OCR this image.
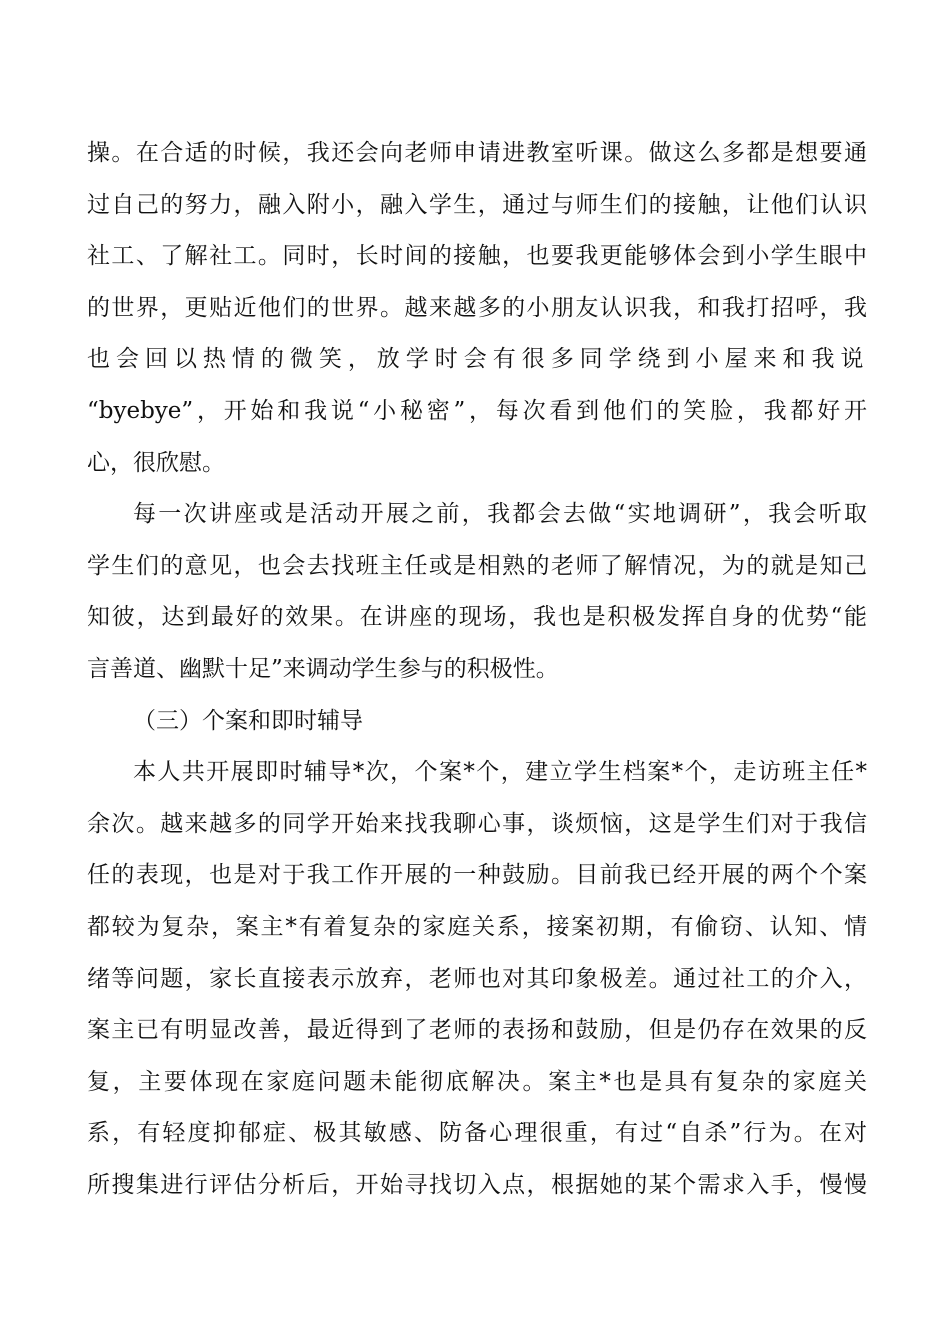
操。在合适的时候，我还会向老师申请进教室听课。做这么多都是想要通
过自己的努力，融入附小，融入学生，通过与师生们的接触，让他们认识
社工、了解社工。同时，长时间的接触，也要我更能够体会到小学生眼中
的世界，更贴近他们的世界。越来越多的小朋友认识我，和我打招呼，我
也会回以热情的微笑，放学时会有很多同学绕到小屋来和我说
“byebye”，开始和我说“小秘密”，每次看到他们的笑脸，我都好开
心，很欣慰。
每一次讲座或是活动开展之前，我都会去做“实地调研”，我会听取
学生们的意见，也会去找班主任或是相熟的老师了解情况，为的就是知己
知彼，达到最好的效果。在讲座的现场，我也是积极发挥自身的优势“能
言善道、幽默十足”来调动学生参与的积极性。
（三）个案和即时辅导
本人共开展即时辅导*次，个案*个，建立学生档案*个，走访班主任*
余次。越来越多的同学开始来找我聊心事，谈烦恼，这是学生们对于我信
任的表现，也是对于我工作开展的一种鼓励。目前我已经开展的两个个案
都较为复杂，案主*有着复杂的家庭关系，接案初期，有偷窃、认知、情
绪等问题，家长直接表示放弃，老师也对其印象极差。通过社工的介入，
案主已有明显改善，最近得到了老师的表扬和鼓励，但是仍存在效果的反
复，主要体现在家庭问题未能彻底解决。案主*也是具有复杂的家庭关
系，有轻度抑郁症、极其敏感、防备心理很重，有过“自杀”行为。在对
所搜集进行评估分析后，开始寻找切入点，根据她的某个需求入手，慢慢
